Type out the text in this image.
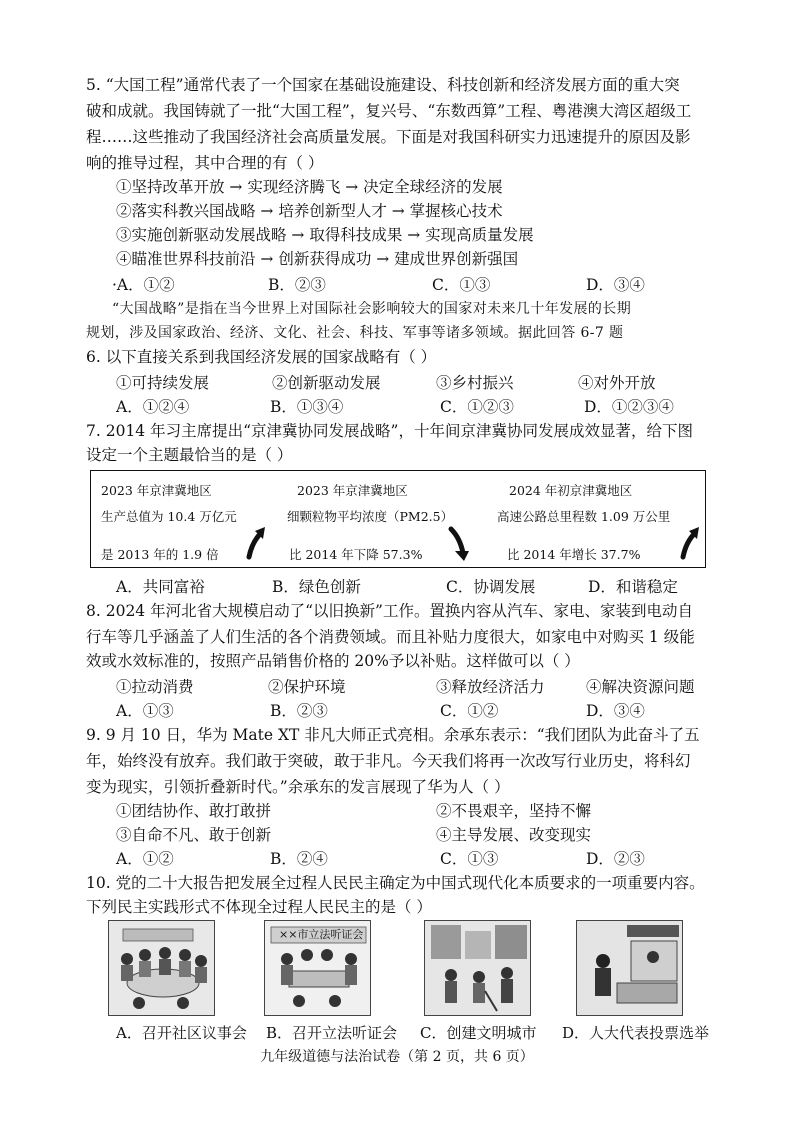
5. “大国工程”通常代表了一个国家在基础设施建设、科技创新和经济发展方面的重大突
破和成就。我国铸就了一批“大国工程”，复兴号、“东数西算”工程、粤港澳大湾区超级工
程……这些推动了我国经济社会高质量发展。下面是对我国科研实力迅速提升的原因及影
响的推导过程，其中合理的有（ ）
①坚持改革开放 → 实现经济腾飞 → 决定全球经济的发展
②落实科教兴国战略 → 培养创新型人才 → 掌握核心技术
③实施创新驱动发展战略 → 取得科技成果 → 实现高质量发展
④瞄准世界科技前沿 → 创新获得成功 → 建成世界创新强国
·A．①②	B．②③	C．①③	D．③④
“大国战略”是指在当今世界上对国际社会影响较大的国家对未来几十年发展的长期
规划，涉及国家政治、经济、文化、社会、科技、军事等诸多领域。据此回答 6-7 题
6. 以下直接关系到我国经济发展的国家战略有（ ）
①可持续发展	②创新驱动发展	③乡村振兴	④对外开放
A．①②④	B．①③④	C．①②③	D．①②③④
7. 2014 年习主席提出“京津冀协同发展战略”，十年间京津冀协同发展成效显著，给下图
设定一个主题最恰当的是（ ）
2023 年京津冀地区
生产总值为 10.4 万亿元
是 2013 年的 1.9 倍
2023 年京津冀地区
细颗粒物平均浓度（PM2.5）
比 2014 年下降 57.3%
2024 年初京津冀地区
高速公路总里程数 1.09 万公里
比 2014 年增长 37.7%
A．共同富裕	B．绿色创新	C．协调发展	D．和谐稳定
8. 2024 年河北省大规模启动了“以旧换新”工作。置换内容从汽车、家电、家装到电动自
行车等几乎涵盖了人们生活的各个消费领域。而且补贴力度很大，如家电中对购买 1 级能
效或水效标准的，按照产品销售价格的 20%予以补贴。这样做可以（ ）
①拉动消费	②保护环境	③释放经济活力	④解决资源问题
A．①③	B．②③	C．①②	D．③④
9. 9 月 10 日，华为 Mate XT 非凡大师正式亮相。余承东表示：“我们团队为此奋斗了五
年，始终没有放弃。我们敢于突破，敢于非凡。今天我们将再一次改写行业历史，将科幻
变为现实，引领折叠新时代。”余承东的发言展现了华为人（ ）
①团结协作、敢打敢拼	②不畏艰辛，坚持不懈
③自命不凡、敢于创新	④主导发展、改变现实
A．①②	B．②④	C．①③	D．②③
10. 党的二十大报告把发展全过程人民民主确定为中国式现代化本质要求的一项重要内容。
下列民主实践形式不体现全过程人民民主的是（ ）
××市立法听证会
A．召开社区议事会 B．召开立法听证会 C．创建文明城市 D．人大代表投票选举
九年级道德与法治试卷（第 2 页，共 6 页）
